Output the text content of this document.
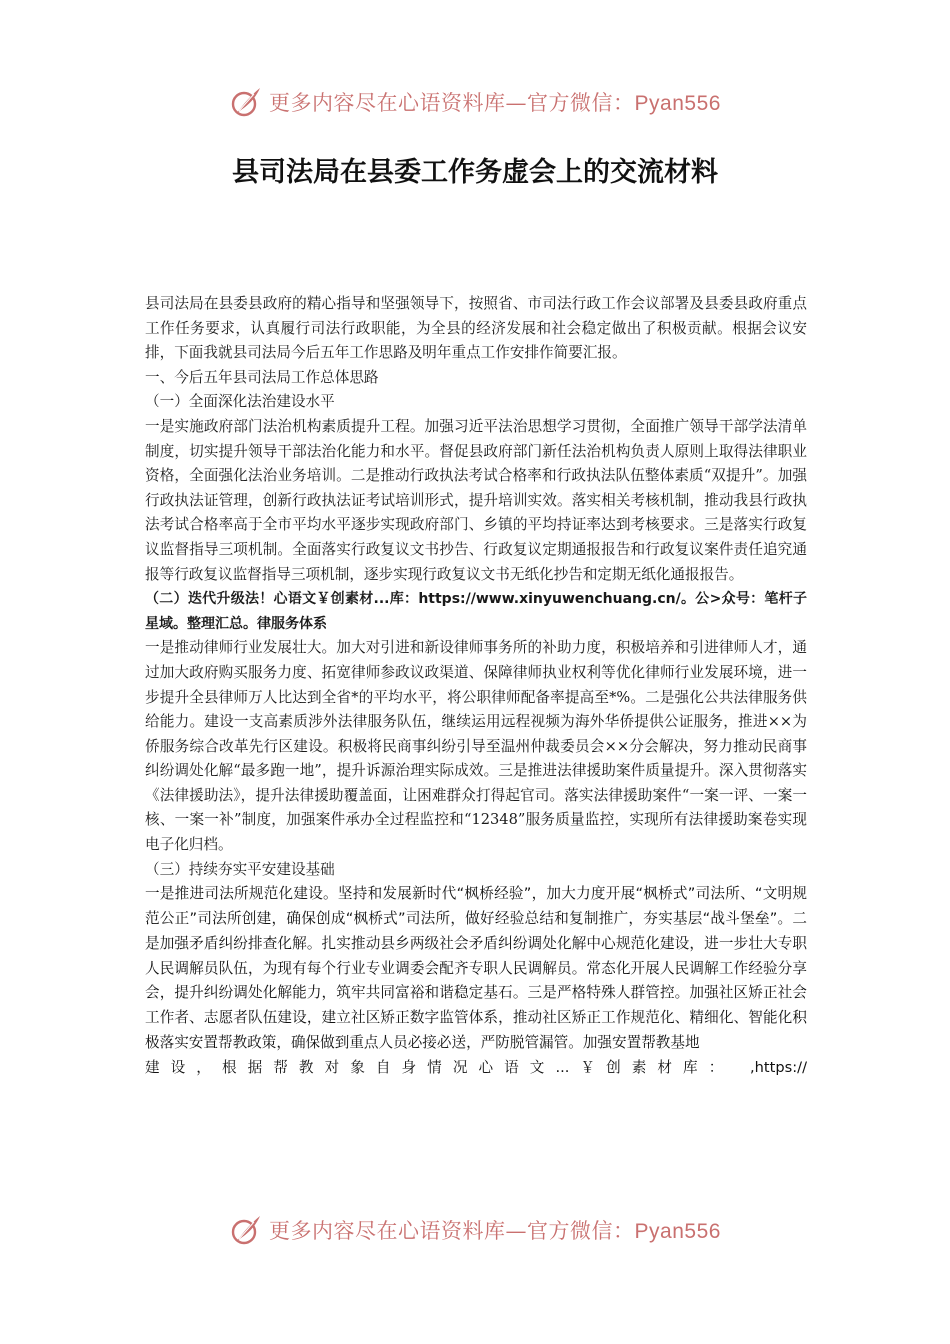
更多内容尽在心语资料库—官方微信：Pyan556
县司法局在县委工作务虚会上的交流材料

县司法局在县委县政府的精心指导和坚强领导下，按照省、市司法行政工作会议部署及县委县政府重点工作任务要求，认真履行司法行政职能，为全县的经济发展和社会稳定做出了积极贡献。根据会议安排，下面我就县司法局今后五年工作思路及明年重点工作安排作简要汇报。

一、今后五年县司法局工作总体思路

（一）全面深化法治建设水平

一是实施政府部门法治机构素质提升工程。加强习近平法治思想学习贯彻，全面推广领导干部学法清单制度，切实提升领导干部法治化能力和水平。督促县政府部门新任法治机构负责人原则上取得法律职业资格，全面强化法治业务培训。二是推动行政执法考试合格率和行政执法队伍整体素质“双提升”。加强行政执法证管理，创新行政执法证考试培训形式，提升培训实效。落实相关考核机制，推动我县行政执法考试合格率高于全市平均水平逐步实现政府部门、乡镇的平均持证率达到考核要求。三是落实行政复议监督指导三项机制。全面落实行政复议文书抄告、行政复议定期通报报告和行政复议案件责任追究通报等行政复议监督指导三项机制，逐步实现行政复议文书无纸化抄告和定期无纸化通报报告。

（二）迭代升级法！心语文￥创素材...库：https://www.xinyuwenchuang.cn/。公>众号：笔杆子星域。整理汇总。律服务体系

一是推动律师行业发展壮大。加大对引进和新设律师事务所的补助力度，积极培养和引进律师人才，通过加大政府购买服务力度、拓宽律师参政议政渠道、保障律师执业权利等优化律师行业发展环境，进一步提升全县律师万人比达到全省*的平均水平，将公职律师配备率提高至*%。二是强化公共法律服务供给能力。建设一支高素质涉外法律服务队伍，继续运用远程视频为海外华侨提供公证服务，推进××为侨服务综合改革先行区建设。积极将民商事纠纷引导至温州仲裁委员会××分会解决，努力推动民商事纠纷调处化解“最多跑一地”，提升诉源治理实际成效。三是推进法律援助案件质量提升。深入贯彻落实《法律援助法》，提升法律援助覆盖面，让困难群众打得起官司。落实法律援助案件“一案一评、一案一核、一案一补”制度，加强案件承办全过程监控和“12348”服务质量监控，实现所有法律援助案卷实现电子化归档。

（三）持续夯实平安建设基础

一是推进司法所规范化建设。坚持和发展新时代“枫桥经验”，加大力度开展“枫桥式”司法所、“文明规范公正”司法所创建，确保创成“枫桥式”司法所，做好经验总结和复制推广，夯实基层“战斗堡垒”。二是加强矛盾纠纷排查化解。扎实推动县乡两级社会矛盾纠纷调处化解中心规范化建设，进一步壮大专职人民调解员队伍，为现有每个行业专业调委会配齐专职人民调解员。常态化开展人民调解工作经验分享会，提升纠纷调处化解能力，筑牢共同富裕和谐稳定基石。三是严格特殊人群管控。加强社区矫正社会工作者、志愿者队伍建设，建立社区矫正数字监管体系，推动社区矫正工作规范化、精细化、智能化积极落实安置帮教政策，确保做到重点人员必接必送，严防脱管漏管。加强安置帮教基地

建设，根据帮教对象自身情况心语文...￥创素材库： ,https://

更多内容尽在心语资料库—官方微信：Pyan556
